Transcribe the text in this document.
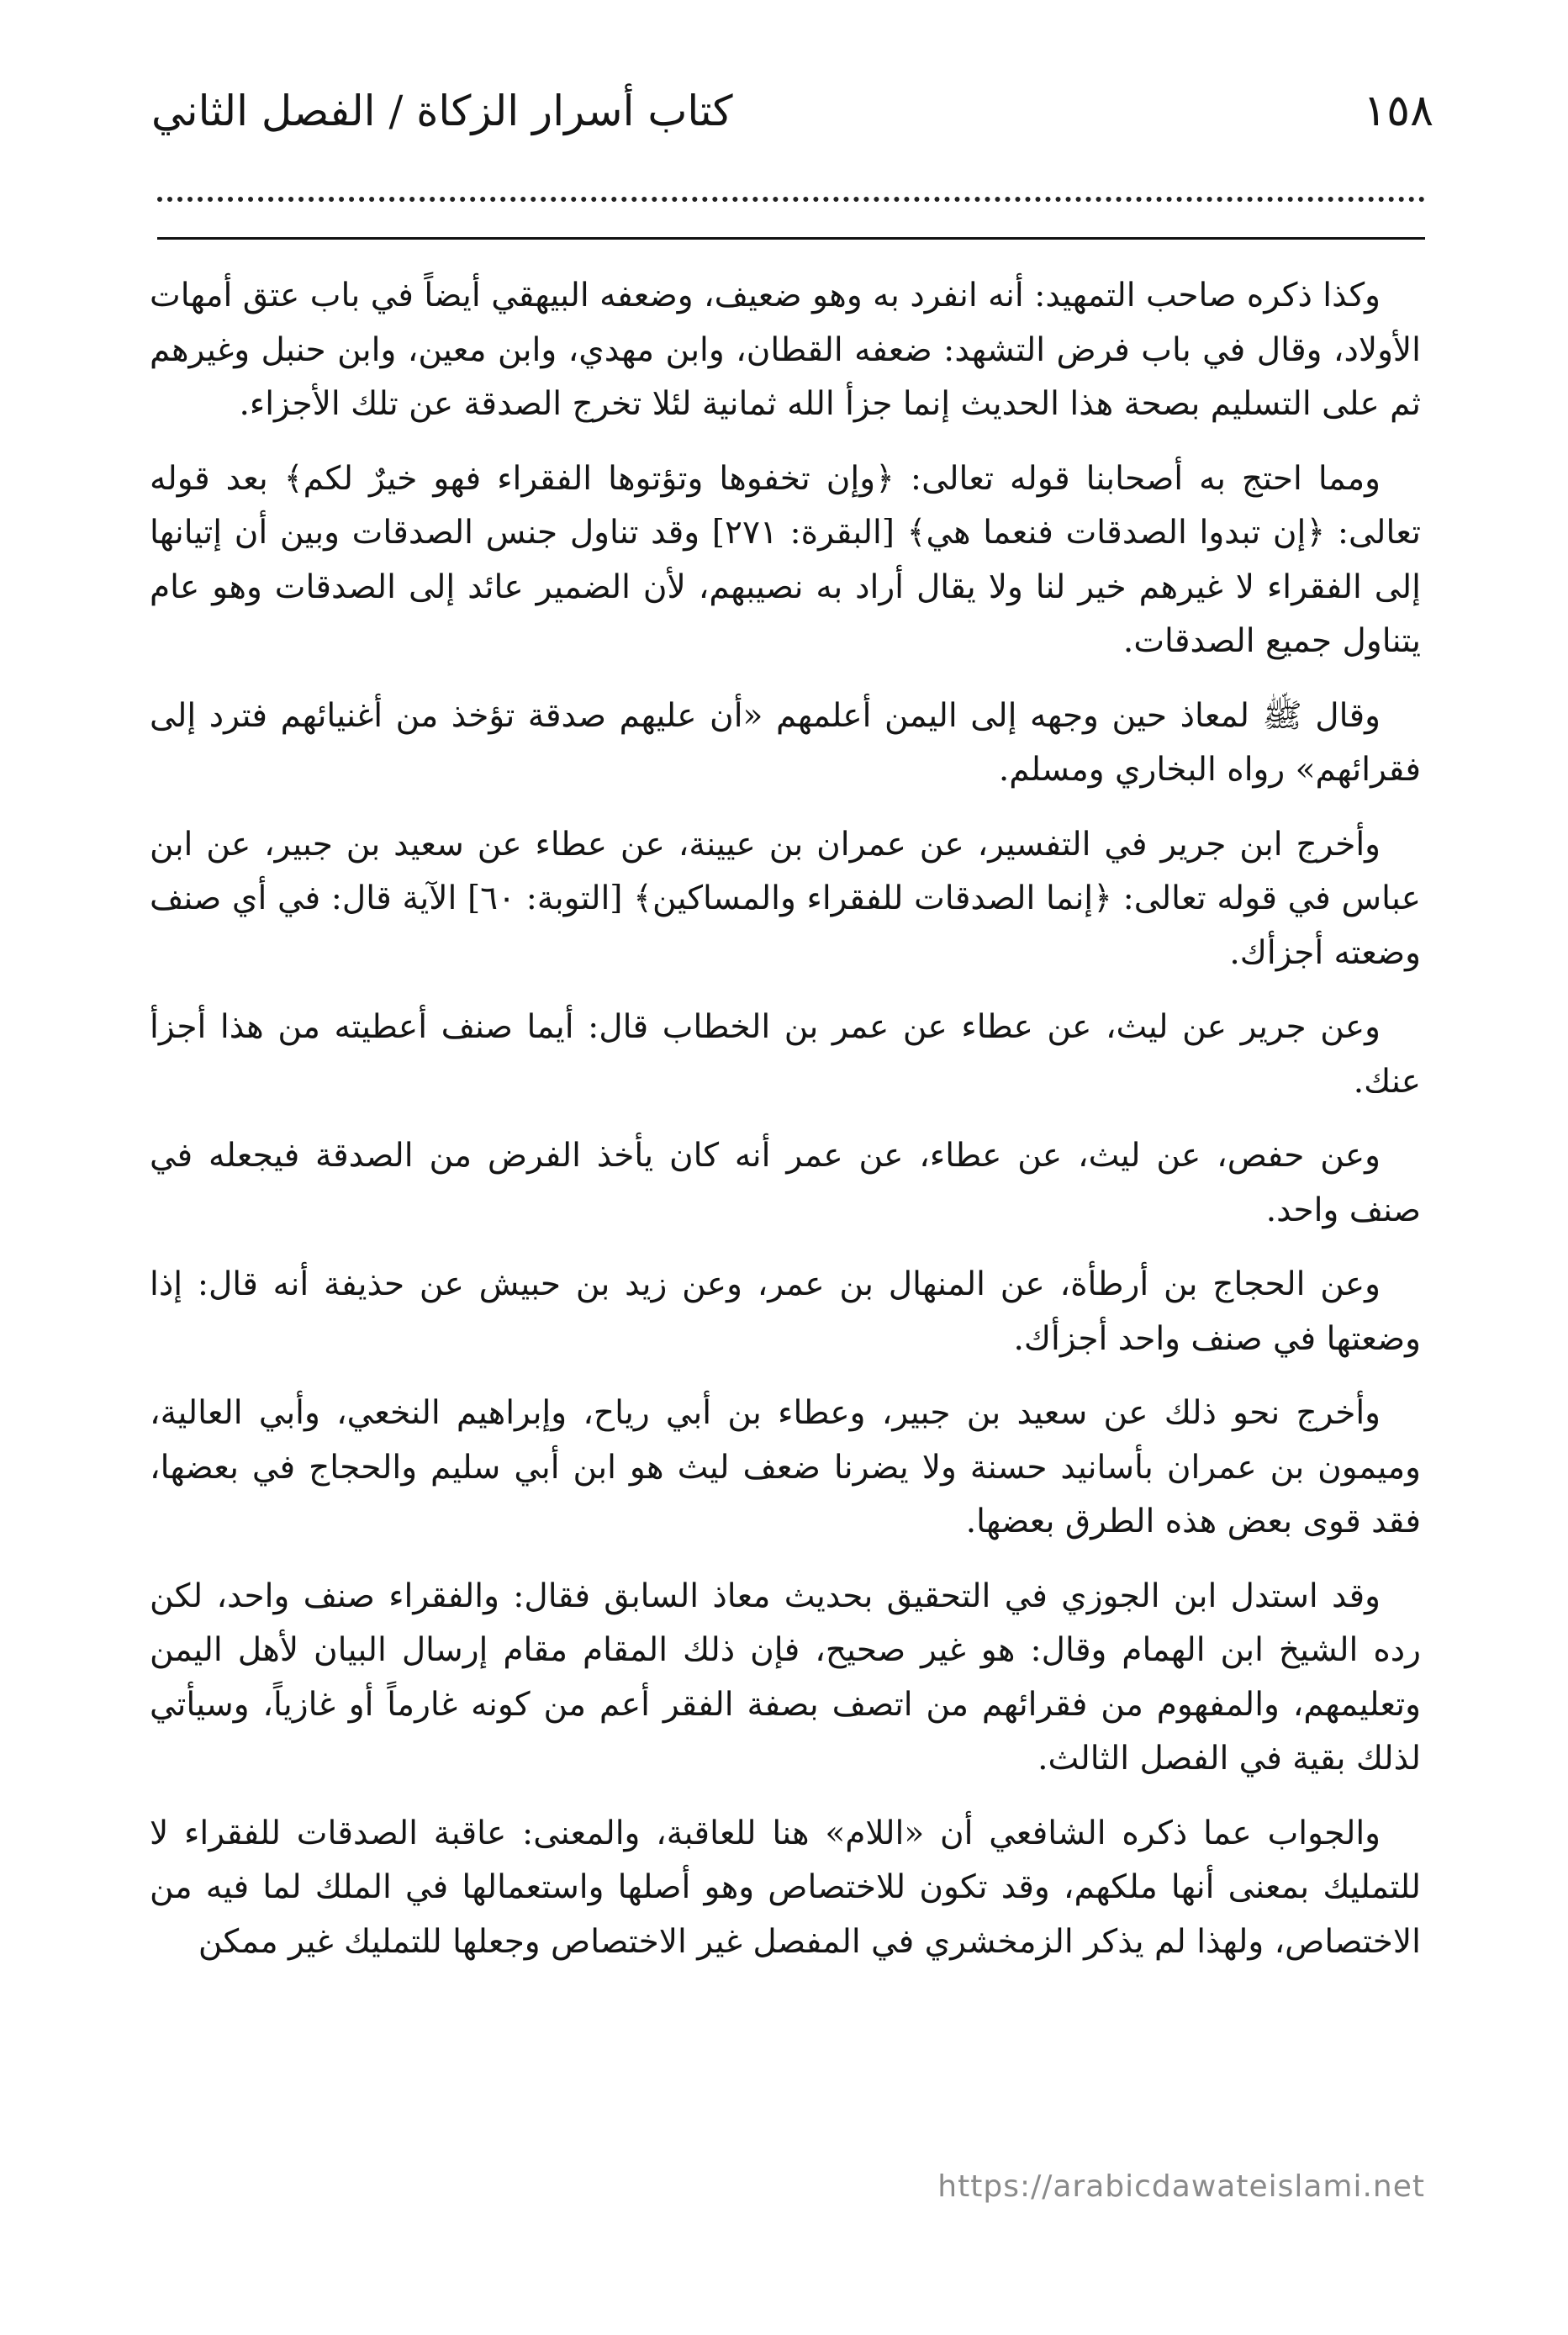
١٥٨
كتاب أسرار الزكاة / الفصل الثاني

وكذا ذكره صاحب التمهيد: أنه انفرد به وهو ضعيف، وضعفه البيهقي أيضاً في باب عتق أمهات الأولاد، وقال في باب فرض التشهد: ضعفه القطان، وابن مهدي، وابن معين، وابن حنبل وغيرهم ثم على التسليم بصحة هذا الحديث إنما جزأ الله ثمانية لئلا تخرج الصدقة عن تلك الأجزاء.

ومما احتج به أصحابنا قوله تعالى: ﴿وإن تخفوها وتؤتوها الفقراء فهو خيرٌ لكم﴾ بعد قوله تعالى: ﴿إن تبدوا الصدقات فنعما هي﴾ [البقرة: ٢٧١] وقد تناول جنس الصدقات وبين أن إتيانها إلى الفقراء لا غيرهم خير لنا ولا يقال أراد به نصيبهم، لأن الضمير عائد إلى الصدقات وهو عام يتناول جميع الصدقات.

وقال ﷺ لمعاذ حين وجهه إلى اليمن أعلمهم «أن عليهم صدقة تؤخذ من أغنيائهم فترد إلى فقرائهم» رواه البخاري ومسلم.

وأخرج ابن جرير في التفسير، عن عمران بن عيينة، عن عطاء عن سعيد بن جبير، عن ابن عباس في قوله تعالى: ﴿إنما الصدقات للفقراء والمساكين﴾ [التوبة: ٦٠] الآية قال: في أي صنف وضعته أجزأك.

وعن جرير عن ليث، عن عطاء عن عمر بن الخطاب قال: أيما صنف أعطيته من هذا أجزأ عنك.

وعن حفص، عن ليث، عن عطاء، عن عمر أنه كان يأخذ الفرض من الصدقة فيجعله في صنف واحد.

وعن الحجاج بن أرطأة، عن المنهال بن عمر، وعن زيد بن حبيش عن حذيفة أنه قال: إذا وضعتها في صنف واحد أجزأك.

وأخرج نحو ذلك عن سعيد بن جبير، وعطاء بن أبي رياح، وإبراهيم النخعي، وأبي العالية، وميمون بن عمران بأسانيد حسنة ولا يضرنا ضعف ليث هو ابن أبي سليم والحجاج في بعضها، فقد قوى بعض هذه الطرق بعضها.

وقد استدل ابن الجوزي في التحقيق بحديث معاذ السابق فقال: والفقراء صنف واحد، لكن رده الشيخ ابن الهمام وقال: هو غير صحيح، فإن ذلك المقام مقام إرسال البيان لأهل اليمن وتعليمهم، والمفهوم من فقرائهم من اتصف بصفة الفقر أعم من كونه غارماً أو غازياً، وسيأتي لذلك بقية في الفصل الثالث.

والجواب عما ذكره الشافعي أن «اللام» هنا للعاقبة، والمعنى: عاقبة الصدقات للفقراء لا للتمليك بمعنى أنها ملكهم، وقد تكون للاختصاص وهو أصلها واستعمالها في الملك لما فيه من الاختصاص، ولهذا لم يذكر الزمخشري في المفصل غير الاختصاص وجعلها للتمليك غير ممكن

https://arabicdawateislami.net
